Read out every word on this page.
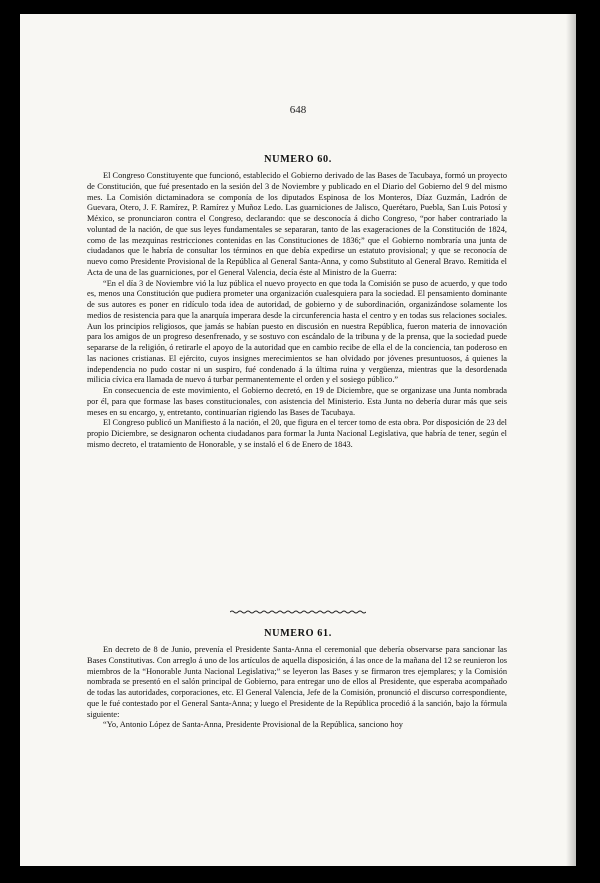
648
NUMERO 60.

El Congreso Constituyente que funcionó, establecido el Gobierno derivado de las Bases de Tacubaya, formó un proyecto de Constitución, que fué presentado en la sesión del 3 de Noviembre y publicado en el Diario del Gobierno del 9 del mismo mes. La Comisión dictaminadora se componía de los diputados Espinosa de los Monteros, Díaz Guzmán, Ladrón de Guevara, Otero, J. F. Ramírez, P. Ramírez y Muñoz Ledo. Las guarniciones de Jalisco, Querétaro, Puebla, San Luis Potosí y México, se pronunciaron contra el Congreso, declarando: que se desconocía á dicho Congreso, “por haber contrariado la voluntad de la nación, de que sus leyes fundamentales se separaran, tanto de las exageraciones de la Constitución de 1824, como de las mezquinas restricciones contenidas en las Constituciones de 1836;” que el Gobierno nombraría una junta de ciudadanos que le habría de consultar los términos en que debía expedirse un estatuto provisional; y que se reconocía de nuevo como Presidente Provisional de la República al General Santa-Anna, y como Substituto al General Bravo. Remitida el Acta de una de las guarniciones, por el General Valencia, decía éste al Ministro de la Guerra:

“En el día 3 de Noviembre vió la luz pública el nuevo proyecto en que toda la Comisión se puso de acuerdo, y que todo es, menos una Constitución que pudiera prometer una organización cualesquiera para la sociedad. El pensamiento dominante de sus autores es poner en ridículo toda idea de autoridad, de gobierno y de subordinación, organizándose solamente los medios de resistencia para que la anarquía imperara desde la circunferencia hasta el centro y en todas sus relaciones sociales. Aun los principios religiosos, que jamás se habían puesto en discusión en nuestra República, fueron materia de innovación para los amigos de un progreso desenfrenado, y se sostuvo con escándalo de la tribuna y de la prensa, que la sociedad puede separarse de la religión, ó retirarle el apoyo de la autoridad que en cambio recibe de ella el de la conciencia, tan poderoso en las naciones cristianas. El ejército, cuyos insignes merecimientos se han olvidado por jóvenes presuntuosos, á quienes la independencia no pudo costar ni un suspiro, fué condenado á la última ruina y vergüenza, mientras que la desordenada milicia cívica era llamada de nuevo á turbar permanentemente el orden y el sosiego público.”

En consecuencia de este movimiento, el Gobierno decretó, en 19 de Diciembre, que se organizase una Junta nombrada por él, para que formase las bases constitucionales, con asistencia del Ministerio. Esta Junta no debería durar más que seis meses en su encargo, y, entretanto, continuarían rigiendo las Bases de Tacubaya.

El Congreso publicó un Manifiesto á la nación, el 20, que figura en el tercer tomo de esta obra. Por disposición de 23 del propio Diciembre, se designaron ochenta ciudadanos para formar la Junta Nacional Legislativa, que habría de tener, según el mismo decreto, el tratamiento de Honorable, y se instaló el 6 de Enero de 1843.

NUMERO 61.

En decreto de 8 de Junio, prevenía el Presidente Santa-Anna el ceremonial que debería observarse para sancionar las Bases Constitutivas. Con arreglo á uno de los artículos de aquella disposición, á las once de la mañana del 12 se reunieron los miembros de la “Honorable Junta Nacional Legislativa;” se leyeron las Bases y se firmaron tres ejemplares; y la Comisión nombrada se presentó en el salón principal de Gobierno, para entregar uno de ellos al Presidente, que esperaba acompañado de todas las autoridades, corporaciones, etc. El General Valencia, Jefe de la Comisión, pronunció el discurso correspondiente, que le fué contestado por el General Santa-Anna; y luego el Presidente de la República procedió á la sanción, bajo la fórmula siguiente:

“Yo, Antonio López de Santa-Anna, Presidente Provisional de la República, sanciono hoy
